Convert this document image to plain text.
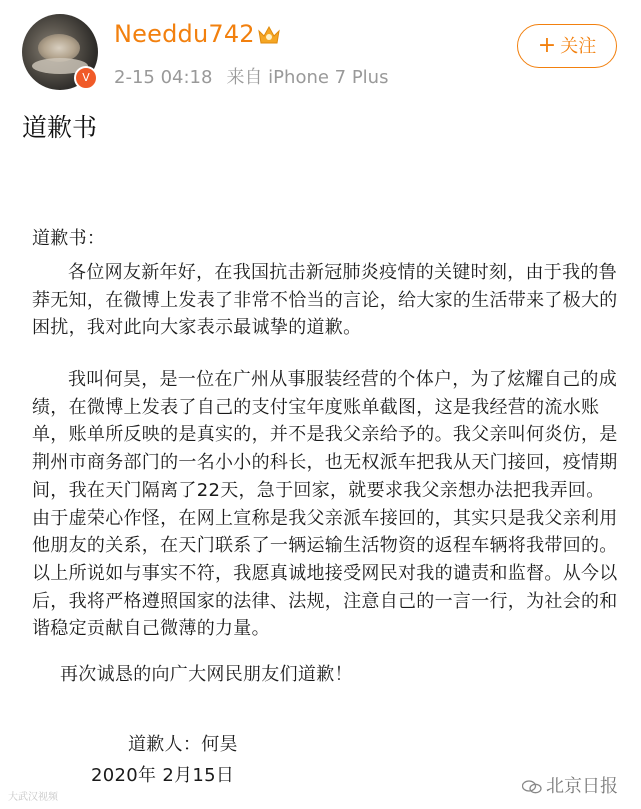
V
Needdu742
2-15 04:18 来自 iPhone 7 Plus
+ 关注
道歉书

道歉书：

各位网友新年好，在我国抗击新冠肺炎疫情的关键时刻，由于我的鲁莽无知，在微博上发表了非常不恰当的言论，给大家的生活带来了极大的困扰，我对此向大家表示最诚挚的道歉。

我叫何昊，是一位在广州从事服装经营的个体户，为了炫耀自己的成绩，在微博上发表了自己的支付宝年度账单截图，这是我经营的流水账单，账单所反映的是真实的，并不是我父亲给予的。我父亲叫何炎仿，是荆州市商务部门的一名小小的科长，也无权派车把我从天门接回，疫情期间，我在天门隔离了22天，急于回家，就要求我父亲想办法把我弄回。由于虚荣心作怪，在网上宣称是我父亲派车接回的，其实只是我父亲利用他朋友的关系，在天门联系了一辆运输生活物资的返程车辆将我带回的。以上所说如与事实不符，我愿真诚地接受网民对我的谴责和监督。从今以后，我将严格遵照国家的法律、法规，注意自己的一言一行，为社会的和谐稳定贡献自己微薄的力量。

再次诚恳的向广大网民朋友们道歉！

道歉人：何昊

2020年 2月15日

大武汉视频
北京日报
